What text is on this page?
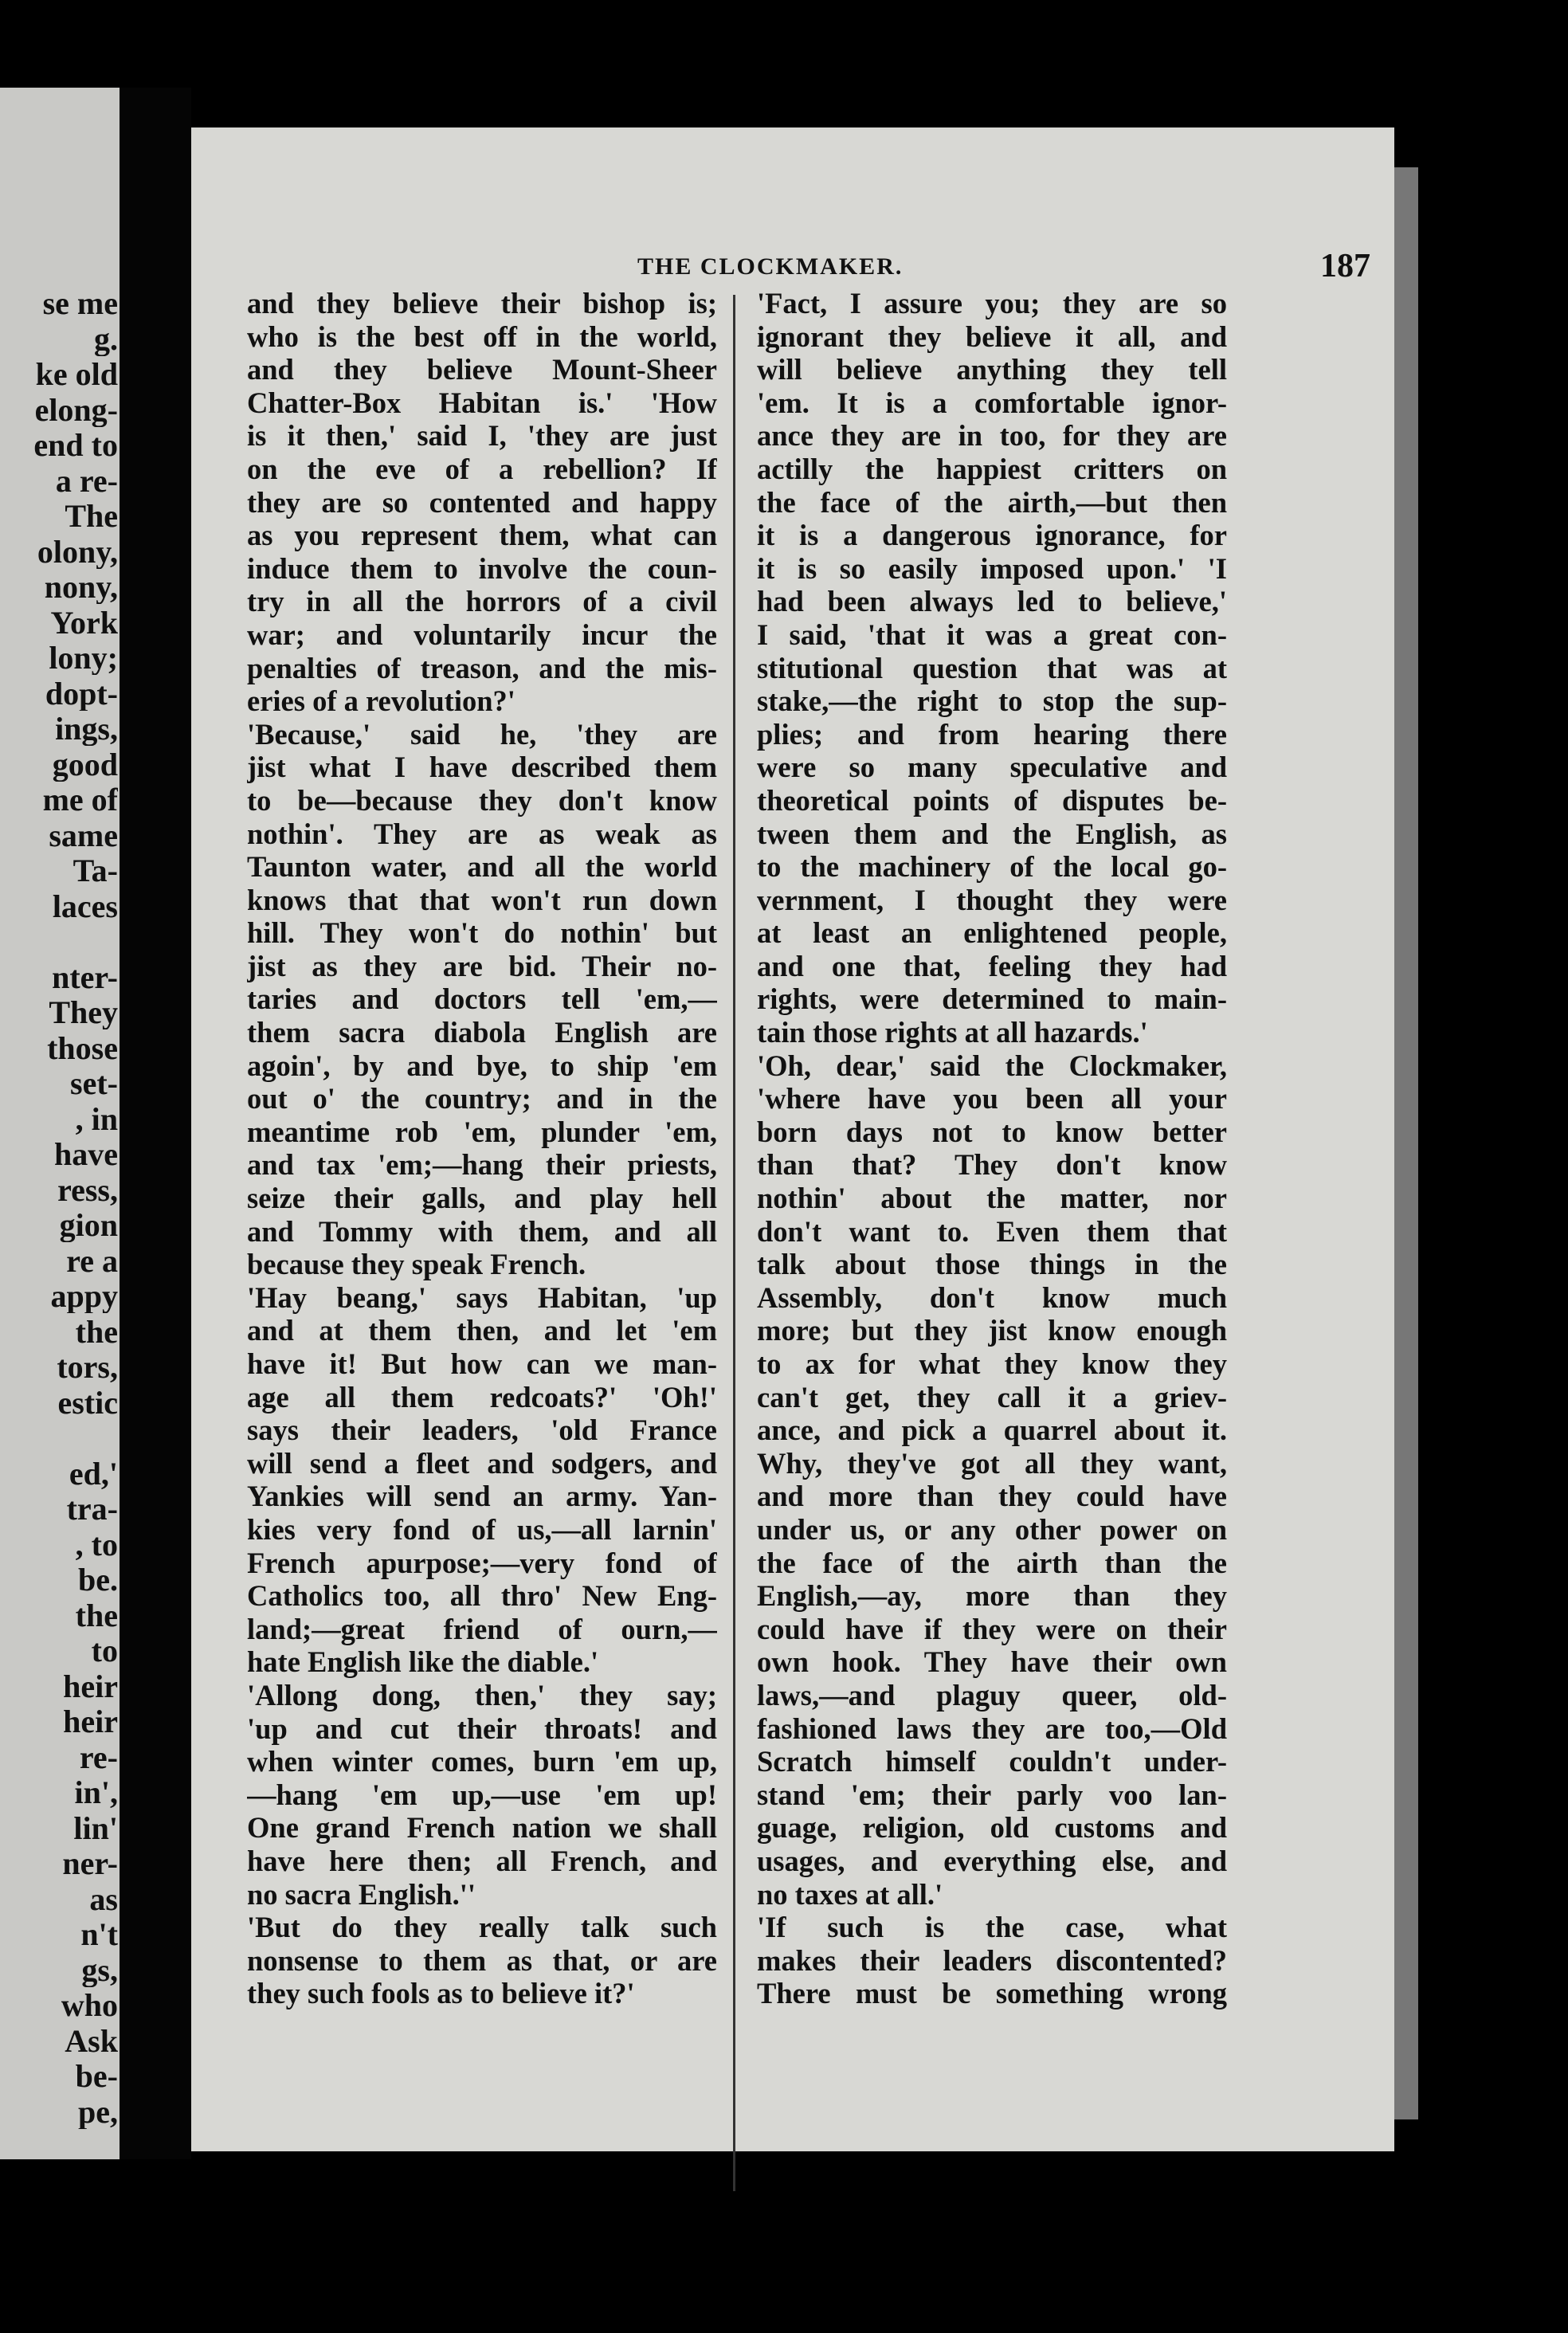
se me
g.
ke old
elong-
end to
a re-
The
olony,
nony,
York
lony;
dopt-
ings,
good
me of
same
Ta-
laces
nter-
They
those
set-
, in
have
ress,
gion
re a
appy
the
tors,
estic
ed,'
tra-
, to
be.
the
to
heir
heir
re-
in',
lin'
ner-
as
n't
gs,
who
Ask
be-
pe,
THE CLOCKMAKER.	187
and they believe their bishop is;
who is the best off in the world,
and they believe Mount-Sheer
Chatter-Box Habitan is.' 'How
is it then,' said I, 'they are just
on the eve of a rebellion? If
they are so contented and happy
as you represent them, what can
induce them to involve the coun-
try in all the horrors of a civil
war; and voluntarily incur the
penalties of treason, and the mis-
eries of a revolution?'
'Because,' said he, 'they are
jist what I have described them
to be—because they don't know
nothin'. They are as weak as
Taunton water, and all the world
knows that that won't run down
hill. They won't do nothin' but
jist as they are bid. Their no-
taries and doctors tell 'em,—
them sacra diabola English are
agoin', by and bye, to ship 'em
out o' the country; and in the
meantime rob 'em, plunder 'em,
and tax 'em;—hang their priests,
seize their galls, and play hell
and Tommy with them, and all
because they speak French.
'Hay beang,' says Habitan, 'up
and at them then, and let 'em
have it! But how can we man-
age all them redcoats?' 'Oh!'
says their leaders, 'old France
will send a fleet and sodgers, and
Yankies will send an army. Yan-
kies very fond of us,—all larnin'
French apurpose;—very fond of
Catholics too, all thro' New Eng-
land;—great friend of ourn,—
hate English like the diable.'
'Allong dong, then,' they say;
'up and cut their throats! and
when winter comes, burn 'em up,
—hang 'em up,—use 'em up!
One grand French nation we shall
have here then; all French, and
no sacra English.''
'But do they really talk such
nonsense to them as that, or are
they such fools as to believe it?'
'Fact, I assure you; they are so
ignorant they believe it all, and
will believe anything they tell
'em. It is a comfortable ignor-
ance they are in too, for they are
actilly the happiest critters on
the face of the airth,—but then
it is a dangerous ignorance, for
it is so easily imposed upon.' 'I
had been always led to believe,'
I said, 'that it was a great con-
stitutional question that was at
stake,—the right to stop the sup-
plies; and from hearing there
were so many speculative and
theoretical points of disputes be-
tween them and the English, as
to the machinery of the local go-
vernment, I thought they were
at least an enlightened people,
and one that, feeling they had
rights, were determined to main-
tain those rights at all hazards.'
'Oh, dear,' said the Clockmaker,
'where have you been all your
born days not to know better
than that? They don't know
nothin' about the matter, nor
don't want to. Even them that
talk about those things in the
Assembly, don't know much
more; but they jist know enough
to ax for what they know they
can't get, they call it a griev-
ance, and pick a quarrel about it.
Why, they've got all they want,
and more than they could have
under us, or any other power on
the face of the airth than the
English,—ay, more than they
could have if they were on their
own hook. They have their own
laws,—and plaguy queer, old-
fashioned laws they are too,—Old
Scratch himself couldn't under-
stand 'em; their parly voo lan-
guage, religion, old customs and
usages, and everything else, and
no taxes at all.'
'If such is the case, what
makes their leaders discontented?
There must be something wrong
